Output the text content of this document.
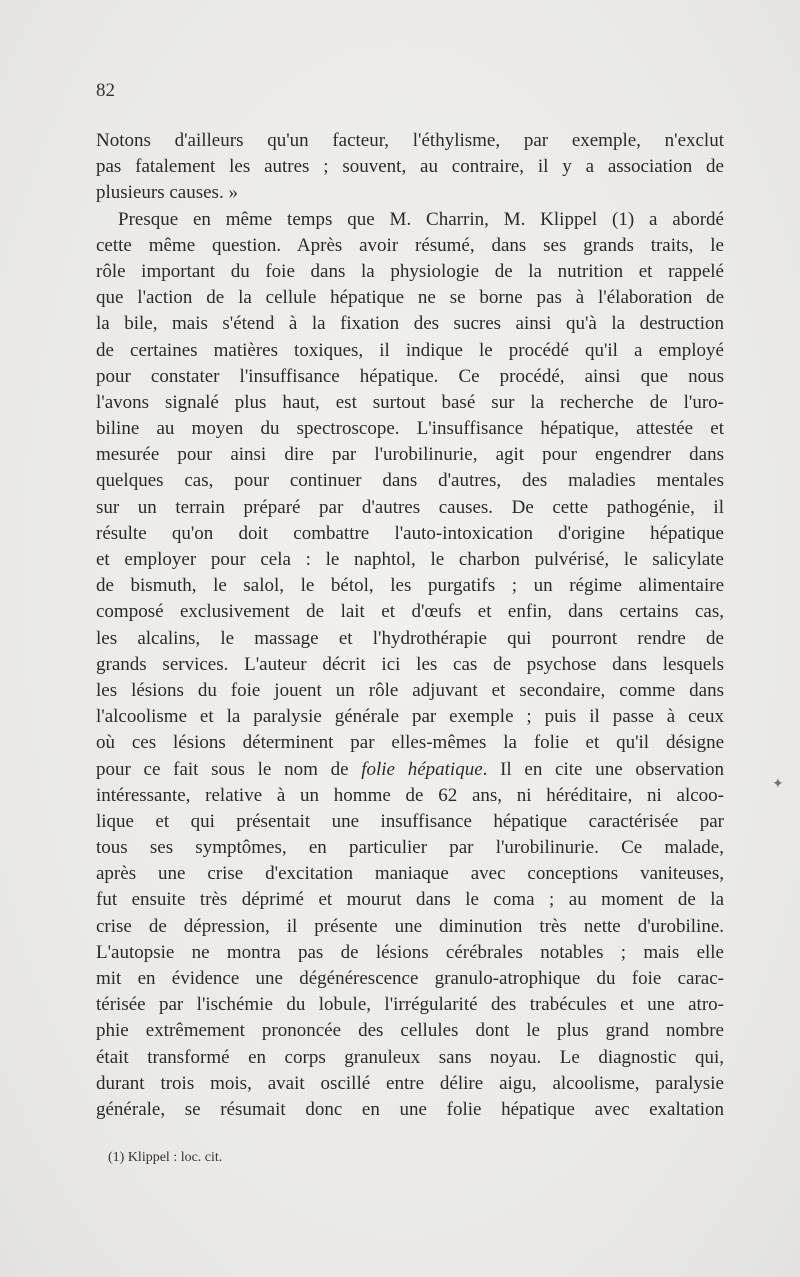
82
Notons d'ailleurs qu'un facteur, l'éthylisme, par exemple, n'exclut
pas fatalement les autres ; souvent, au contraire, il y a association de
plusieurs causes. »
Presque en même temps que M. Charrin, M. Klippel (1) a abordé
cette même question. Après avoir résumé, dans ses grands traits, le
rôle important du foie dans la physiologie de la nutrition et rappelé
que l'action de la cellule hépatique ne se borne pas à l'élaboration de
la bile, mais s'étend à la fixation des sucres ainsi qu'à la destruction
de certaines matières toxiques, il indique le procédé qu'il a employé
pour constater l'insuffisance hépatique. Ce procédé, ainsi que nous
l'avons signalé plus haut, est surtout basé sur la recherche de l'uro-
biline au moyen du spectroscope. L'insuffisance hépatique, attestée et
mesurée pour ainsi dire par l'urobilinurie, agit pour engendrer dans
quelques cas, pour continuer dans d'autres, des maladies mentales
sur un terrain préparé par d'autres causes. De cette pathogénie, il
résulte qu'on doit combattre l'auto-intoxication d'origine hépatique
et employer pour cela : le naphtol, le charbon pulvérisé, le salicylate
de bismuth, le salol, le bétol, les purgatifs ; un régime alimentaire
composé exclusivement de lait et d'œufs et enfin, dans certains cas,
les alcalins, le massage et l'hydrothérapie qui pourront rendre de
grands services. L'auteur décrit ici les cas de psychose dans lesquels
les lésions du foie jouent un rôle adjuvant et secondaire, comme dans
l'alcoolisme et la paralysie générale par exemple ; puis il passe à ceux
où ces lésions déterminent par elles-mêmes la folie et qu'il désigne
pour ce fait sous le nom de folie hépatique. Il en cite une observation
intéressante, relative à un homme de 62 ans, ni héréditaire, ni alcoo-
lique et qui présentait une insuffisance hépatique caractérisée par
tous ses symptômes, en particulier par l'urobilinurie. Ce malade,
après une crise d'excitation maniaque avec conceptions vaniteuses,
fut ensuite très déprimé et mourut dans le coma ; au moment de la
crise de dépression, il présente une diminution très nette d'urobiline.
L'autopsie ne montra pas de lésions cérébrales notables ; mais elle
mit en évidence une dégénérescence granulo-atrophique du foie carac-
térisée par l'ischémie du lobule, l'irrégularité des trabécules et une atro-
phie extrêmement prononcée des cellules dont le plus grand nombre
était transformé en corps granuleux sans noyau. Le diagnostic qui,
durant trois mois, avait oscillé entre délire aigu, alcoolisme, paralysie
générale, se résumait donc en une folie hépatique avec exaltation
✦
(1) Klippel : loc. cit.
